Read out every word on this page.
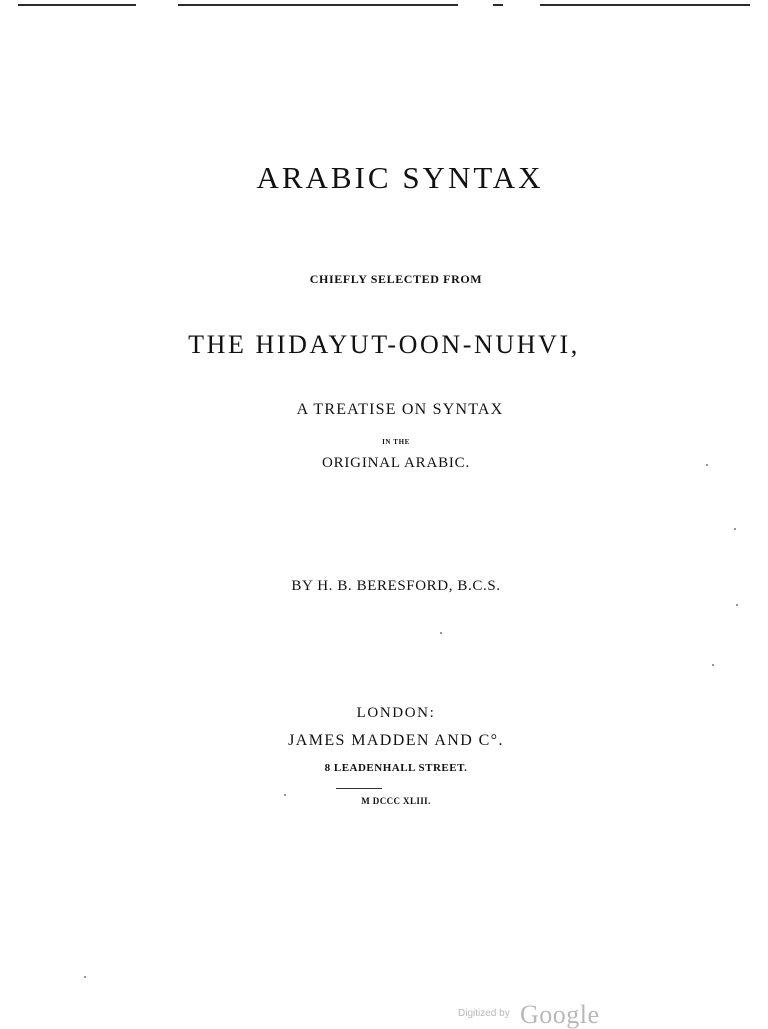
ARABIC SYNTAX
CHIEFLY SELECTED FROM
THE HIDAYUT-OON-NUHVI,
A TREATISE ON SYNTAX
IN THE
ORIGINAL ARABIC.
BY H. B. BERESFORD, B.C.S.
LONDON:
JAMES MADDEN AND C°.
8 LEADENHALL STREET.
M DCCC XLIII.
Digitized by Google
